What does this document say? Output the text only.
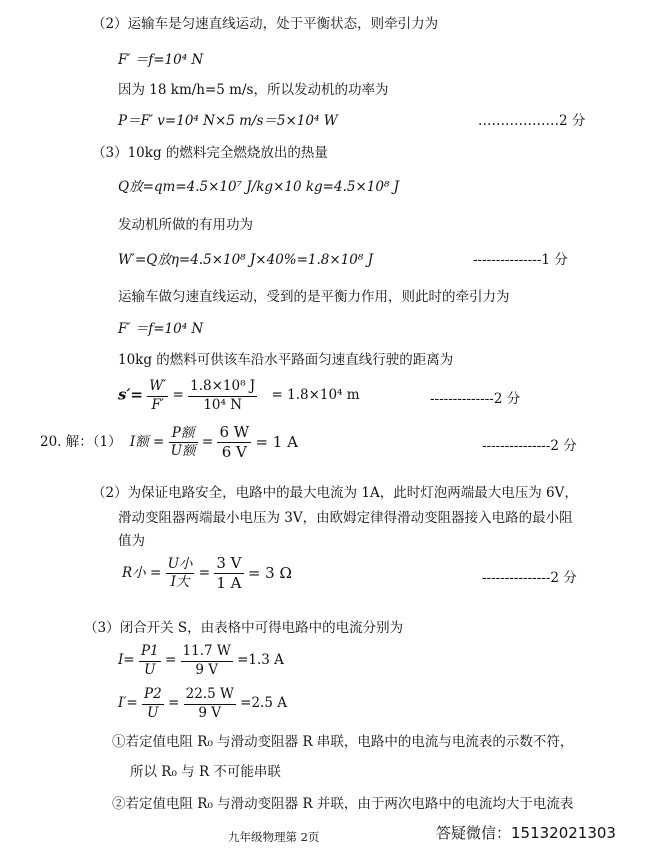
（2）运输车是匀速直线运动，处于平衡状态，则牵引力为
F′ ＝f=10⁴ N
因为 18 km/h=5 m/s，所以发动机的功率为
P＝F′ v=10⁴ N×5 m/s＝5×10⁴ W	………………2 分
（3）10kg 的燃料完全燃烧放出的热量
Q放=qm=4.5×10⁷ J/kg×10 kg=4.5×10⁸ J
发动机所做的有用功为
W′=Q放η=4.5×10⁸ J×40%=1.8×10⁸ J	---------------1 分
运输车做匀速直线运动，受到的是平衡力作用，则此时的牵引力为
F′ ＝f=10⁴ N
10kg 的燃料可供该车沿水平路面匀速直线行驶的距离为
$s'= \frac{W'}{F'} = \frac{\text{1.8×10⁸ J}}{\text{10⁴ N}} = 1.8\times 10^4$ m	--------------2 分
20. 解：（1） I额 = $\frac{\text{P额}}{\text{U额}} = \frac{6 W}{6 V} = 1$ A	---------------2 分
（2）为保证电路安全，电路中的最大电流为 1A，此时灯泡两端最大电压为 6V，
滑动变阻器两端最小电压为 3V，由欧姆定律得滑动变阻器接入电路的最小阻
值为
R小 = $\frac{\text{U小}}{\text{I大}} = \frac{3 V}{1 A} = 3$ Ω	---------------2 分
（3）闭合开关 S，由表格中可得电路中的电流分别为
$I= \frac{P1}{U} = \frac{11.7 W}{9 V} =1.3$ A
$I'= \frac{P2}{U} = \frac{22.5 W}{9 V} =2.5$ A
①若定值电阻 R₀ 与滑动变阻器 R 串联，电路中的电流与电流表的示数不符，
所以 R₀ 与 R 不可能串联
②若定值电阻 R₀ 与滑动变阻器 R 并联，由于两次电路中的电流均大于电流表
九年级物理第 2页	答疑微信：15132021303
